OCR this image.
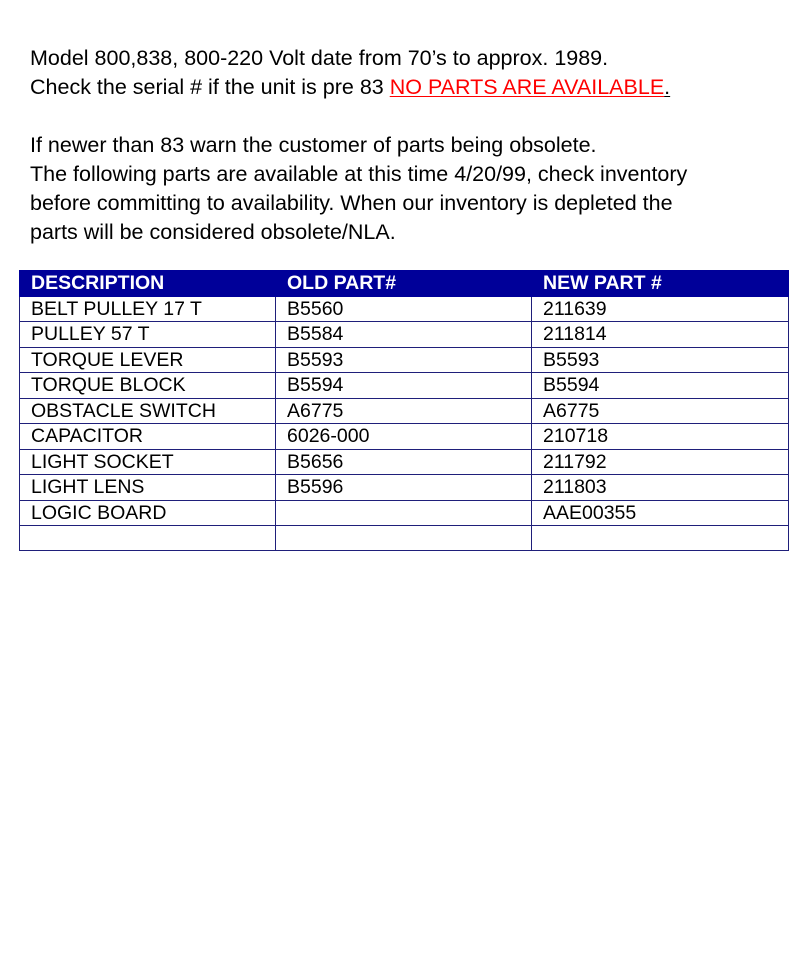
Model 800,838, 800-220 Volt date from 70’s to approx. 1989.

Check the serial # if the unit is pre 83 NO PARTS ARE AVAILABLE.

If newer than 83 warn the customer of parts being obsolete.

The following parts are available at this time 4/20/99, check inventory

before committing to availability. When our inventory is depleted the

parts will be considered obsolete/NLA.

DESCRIPTION	OLD PART#	NEW PART #
BELT PULLEY 17 T	B5560	211639
PULLEY 57 T	B5584	211814
TORQUE LEVER	B5593	B5593
TORQUE BLOCK	B5594	B5594
OBSTACLE SWITCH	A6775	A6775
CAPACITOR	6026-000	210718
LIGHT SOCKET	B5656	211792
LIGHT LENS	B5596	211803
LOGIC BOARD		AAE00355
